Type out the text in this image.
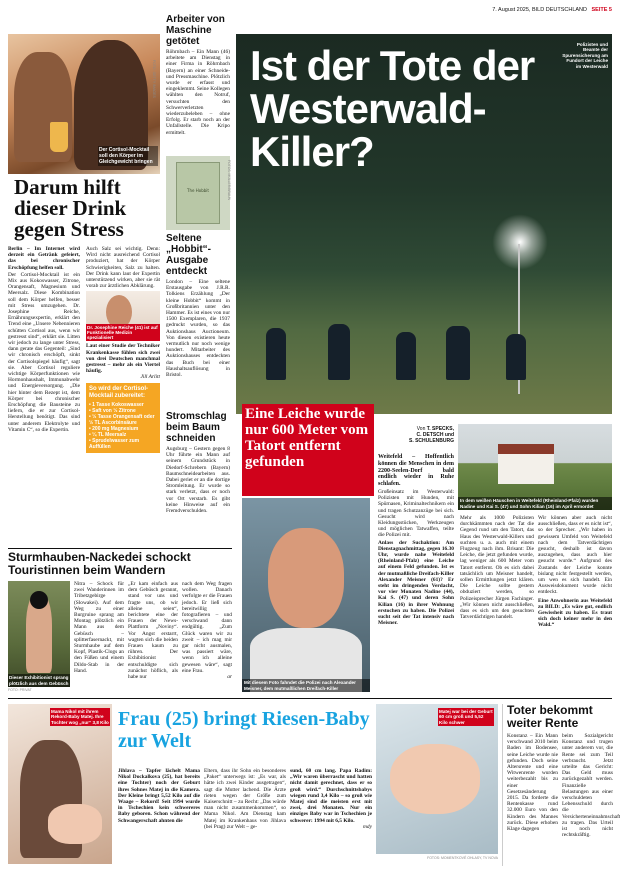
7. August 2025, BILD DEUTSCHLAND SEITE 5
Der Cortisol-Mocktail soll den Körper im Gleichgewicht bringen
FOTO: GETTY IMAGES
Darum hilft dieser Drink gegen Stress

Berlin – Im Internet wird derzeit ein Getränk gefeiert, das bei chronischer Erschöpfung helfen soll.

Der Cortisol-Mocktail ist ein Mix aus Kokoswasser, Zitrone, Orangensaft, Magnesium und Meersalz. Diese Kombination soll dem Körper helfen, besser mit Stress umzugehen. Dr. Josephine Reiche, Ernährungsexpertin, erklärt den Trend eine „Unsere Nebennieren schütten Cortisol aus, wenn wir gestresst sind“, erklärt sie. Litten wir jedoch zu lange unter Stress, dann gerate das Gegenteil: „Sind wir chronisch erschöpft, sinkt der Cortisolspiegel häufig“, sagt sie. Aber Cortisol reguliere wichtige Körperfunktionen wie Hormonhaushalt, Immunabwehr und Energieversorgung. „Die hier hinter dem Rezept ist, dem Körper bei chronischer Erschöpfung die Bausteine zu liefern, die er zur Cortisol-Herstellung benötigt. Das sind unter anderem Elektrolyte und Vitamin C“, so die Expertin.

Auch Salz sei wichtig. Denn: Wird nicht ausreichend Cortisol produziert, hat der Körper Schwierigkeiten, Salz zu halten. Der Drink kann laut der Expertin unterstützend wirken, aber sie rät vorab zur ärztlichen Abklärung.

Dr. Josephine Reiche (41) ist auf Funktionelle Medizin spezialisiert

Laut einer Studie der Techniker Krankenkasse fühlen sich zwei von drei Deutschen manchmal gestresst – mehr als ein Viertel häufig.

Jill Arlitt

So wird der Cortisol-Mocktail zubereitet:
• 1 Tasse Kokoswasser
• Saft von ½ Zitrone
• ½ Tasse Orangensaft oder ½ TL Ascorbinsäure
• 200 mg Magnesium
• ¼ TL Meersalz
• Sprudelwasser zum Auffüllen
Arbeiter von Maschine getötet

Röhrnbach – Ein Mann (46) arbeitete am Dienstag in einer Firma in Röhrnbach (Bayern) an einer Schneide- und Pressmaschine. Plötzlich wurde er erfasst und eingeklemmt. Seine Kollegen wählten den Notruf, versuchten den Schwerverletzten wiederzubeleben – ohne Erfolg. Er starb noch an der Unfallstelle. Die Kripo ermittelt.

The Hobbit	FOTOS: MÜLLER/BRAUN
Seltene „Hobbit“-Ausgabe entdeckt

London – Eine seltene Erstausgabe von J.R.R. Tolkiens Erzählung „Der kleine Hobbit“ kommt in Großbritannien unter den Hammer. Es ist eines von nur 1500 Exemplaren, die 1937 gedruckt wurden, so das Auktionshaus Auctioneum. Von diesen existieren heute vermutlich nur noch wenige hundert. Mitarbeiter des Auktionshauses entdeckten das Buch bei einer Haushaltsauflösung in Bristol.

Stromschlag beim Baum schneiden

Augsburg – Gestern gegen 8 Uhr führte ein Mann auf seinem Grundstück in Diedorf-Schrebern (Bayern) Baumschneidearbeiten aus. Dabei geriet er an die dortige Stromleitung. Er wurde so stark verletzt, dass er noch vor Ort verstarb. Es gibt keine Hinweise auf ein Fremdverschulden.

Ist der Tote der Westerwald-Killer?
Polizisten und Beamte der Spurensicherung am Fundort der Leiche im Westerwald
Eine Leiche wurde nur 600 Meter vom Tatort entfernt gefunden
In dem weißen Häuschen in Weitefeld (Rheinland-Pfalz) wurden Nadine und Kai S. (47) und Sohn Kilian (16) im April ermordet
Mit diesem Foto fahndet die Polizei nach Alexander Meisner, dem mutmaßlichen Dreifach-Killer
Von T. SPECKS,
C. DETSCH und
S. SCHULENBURG

Weitefeld – Hoffentlich können die Menschen in dem 2200-Seelen-Dorf bald endlich wieder in Ruhe schlafen.

Großeinsatz im Westerwald: Polizisten mit Hunden, mit Spürnasen, Kriminaltechnikern ein und tragen Schutzanzüge bei sich. Gesucht wird nach Kleidungsstücken, Werkzeugen und möglichen Tatwaffen, teilte die Polizei mit.

Anlass der Suchaktion: Am Dienstagnachmittag, gegen 16.30 Uhr, wurde nahe Weitefeld (Rheinland-Pfalz) eine Leiche auf einem Feld gefunden. Ist es der mutmaßliche Dreifach-Killer Alexander Meisner (61)? Er steht im dringenden Verdacht, vor vier Monaten Nadine (44), Kai S. (47) und deren Sohn Kilian (16) in ihrer Wohnung erstochen zu haben. Die Polizei sucht seit der Tat intensiv nach Meisner.

Mehr als 1000 Polizisten durchkämmten nach der Tat die Gegend rund um den Tatort, das Haus des Westerwald-Killers und suchten u. a. auch mit einem Flugzeug nach ihm. Brisant: Die Leiche, die jetzt gefunden wurde, lag weniger als 600 Meter vom Tatort entfernt. Ob es sich dabei tatsächlich um Meisner handelt, sollen Ermittlungen jetzt klären. Die Leiche sollte gestern obduziert werden, so Polizeisprecher Jürgen Fachinger. „Wir können nicht ausschließen, dass es sich um den gesuchten Tatverdächtigen handelt.

Wir können aber auch nicht ausschließen, dass er es nicht ist“, so der Sprecher. „Wir haben in gewissem Umfeld von Weitefeld nach dem Tatverdächtigen gesucht, deshalb ist davon auszugehen, dass auch hier gesucht wurde.“ Aufgrund des Zustands der Leiche konnte bislang nicht festgestellt werden, um wen es sich handelt. Ein Ausweisdokument wurde nicht entdeckt.

Eine Anwohnerin aus Weitefeld zu BILD: „Es wäre gut, endlich Gewissheit zu haben. Es traut sich doch keiner mehr in den Wald.“

Sturmhauben-Nackedei schockt Touristinnen beim Wandern
Dieser Exhibitionist sprang plötzlich aus dem Gebüsch
FOTO: PRIVAT

Nitra – Schock für zwei Wanderinnen im Tribetzgebirge (Slowakei). Auf dem Weg zu einer Burgruine sprang am Montag plötzlich ein Mann aus dem Gebüsch – splitterfasernackt, mit Sturmhaube auf dem Kopf, Plastik-Clogs an den Füßen und einem Dildo-Stab in der Hand.

„Er kam einfach aus dem Gebüsch gerannt, stand vor uns und fragte uns, ob wir alleine seien“, berichtete eine der Frauen der News-Plattform „Noviny“. Vor Angst erstarrt, wagten sich die beiden Frauen kaum zu rühren. Der Exhibitionist entschuldigte sich zunächst höflich, als habe nur

nach dem Weg fragen wollen. Danach verfolgte er die Frauen jedoch. Er ließ sich bereitwillig fotografieren – und verschwand dann endgültig. „Zum Glück waren wir zu zweit – ich mag mir gar nicht ausmalen, was passiert wäre, wenn ich alleine gewesen wäre“, sagt eine Frau.

ar

Mama Nikol mit ihrem Rekord-Baby Matej. Ihre Tochter wog „nur“ 3,8 Kilo Frau (25) bringt Riesen-Baby zur Welt

Jihlava – Tapfer lächelt Mama Nikol Dockalkova (25), hat bereits eine Tochter) noch der Geburt ihres Sohnes Matej in die Kamera. Der Kleine bringt 5,52 Kilo auf die Waage – Rekord! Seit 1994 wurde in Tschechien kein schwereres Baby geboren. Schon während der Schwangerschaft ahnten die

Eltern, dass ihr Sohn ein besonderes „Paket“ unterwegs ist: „Es war, als hätte ich zwei Kinder ausgetragen“, sagt die Mutter lachend. Die Ärzte rieten wegen der Größe zum Kaiserschnitt – zu Recht: „Das würde man nicht zusammenkommen“, so Mama Nikol. Am Dienstag kam Matej im Krankenhaus von Jihlava (bei Prag) zur Welt – ge-

sund, 60 cm lang. Papa Radim: „Wir waren überrascht und hatten nicht damit gerechnet, dass er so groß wird.“ Durchschnittsbabys wiegen rund 3,4 Kilo – so groß wie Matej sind die meisten erst mit zwei, drei Monaten. Nur ein einziges Baby war in Tschechien je schwerer: 1994 mit 6,5 Kilo.

mdy

Matej war bei der Geburt 60 cm groß und 5,52 Kilo schwer
FOTOS: MOMENTKOVÉ OHLASY, TV NOVA
Toter bekommt weiter Rente

Konstanz – Ein Mann verschwand 2010 beim Baden im Bodensee, seine Leiche wurde nie gefunden. Doch seine Altersrente und eine Witwenrente wurden weiterbezahlt bis zu einer Gesetzesänderung 2015. Da forderte die Rentenkasse rund 32.000 Euro von den Kindern des Mannes zurück. Diese erhoben Klage dagegen

beim Sozialgericht Konstanz und trugen unter anderem vor, die Rente sei zum Teil verbraucht. Jetzt urteilte das Gericht: Das Geld muss zurückgezahlt werden. Finanzielle Belastungen aus einer verschuldeten Lebensschuld durch die Versicherteneinnahmschaft zu tragen. Das Urteil ist noch nicht rechtskräftig.
